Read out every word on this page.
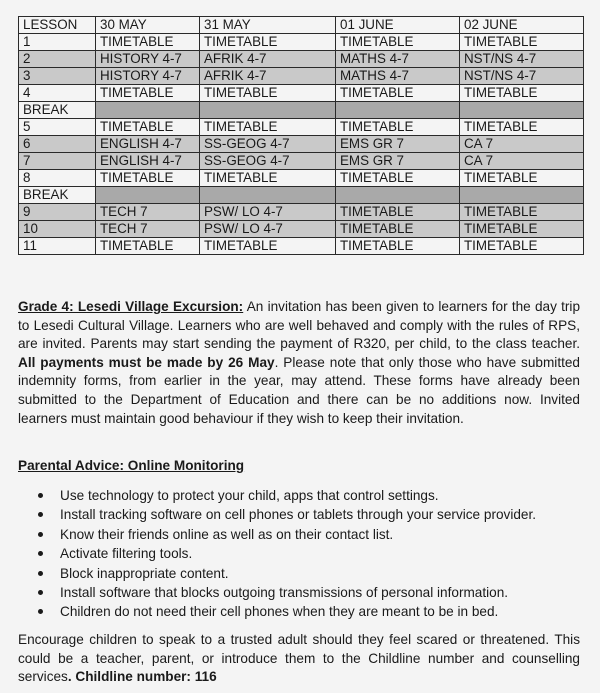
LESSON	30 MAY	31 MAY	01 JUNE	02 JUNE
1	TIMETABLE	TIMETABLE	TIMETABLE	TIMETABLE
2	HISTORY 4-7	AFRIK 4-7	MATHS 4-7	NST/NS 4-7
3	HISTORY 4-7	AFRIK 4-7	MATHS 4-7	NST/NS 4-7
4	TIMETABLE	TIMETABLE	TIMETABLE	TIMETABLE
BREAK				
5	TIMETABLE	TIMETABLE	TIMETABLE	TIMETABLE
6	ENGLISH 4-7	SS-GEOG 4-7	EMS GR 7	CA 7
7	ENGLISH 4-7	SS-GEOG 4-7	EMS GR 7	CA 7
8	TIMETABLE	TIMETABLE	TIMETABLE	TIMETABLE
BREAK				
9	TECH 7	PSW/ LO 4-7	TIMETABLE	TIMETABLE
10	TECH 7	PSW/ LO 4-7	TIMETABLE	TIMETABLE
11	TIMETABLE	TIMETABLE	TIMETABLE	TIMETABLE
Grade 4: Lesedi Village Excursion: An invitation has been given to learners for the day trip to Lesedi Cultural Village. Learners who are well behaved and comply with the rules of RPS, are invited. Parents may start sending the payment of R320, per child, to the class teacher. All payments must be made by 26 May. Please note that only those who have submitted indemnity forms, from earlier in the year, may attend. These forms have already been submitted to the Department of Education and there can be no additions now. Invited learners must maintain good behaviour if they wish to keep their invitation.
Parental Advice: Online Monitoring
Use technology to protect your child, apps that control settings.
Install tracking software on cell phones or tablets through your service provider.
Know their friends online as well as on their contact list.
Activate filtering tools.
Block inappropriate content.
Install software that blocks outgoing transmissions of personal information.
Children do not need their cell phones when they are meant to be in bed.
Encourage children to speak to a trusted adult should they feel scared or threatened. This could be a teacher, parent, or introduce them to the Childline number and counselling services. Childline number: 116
